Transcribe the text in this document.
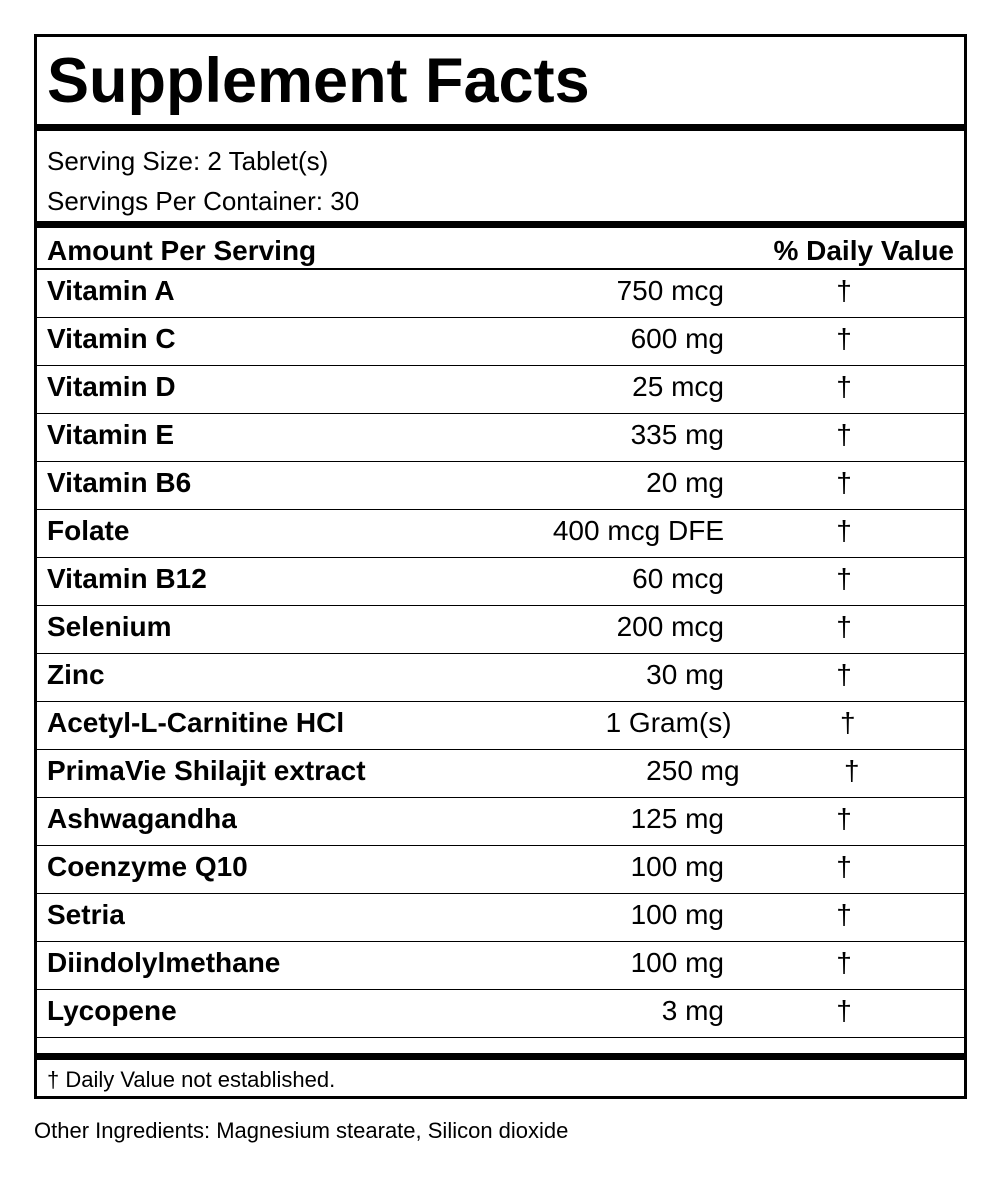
Supplement Facts
Serving Size: 2 Tablet(s)
Servings Per Container: 30
Amount Per Serving	% Daily Value
Vitamin A	750 mcg	†
Vitamin C	600 mg	†
Vitamin D	25 mcg	†
Vitamin E	335 mg	†
Vitamin B6	20 mg	†
Folate	400 mcg DFE	†
Vitamin B12	60 mcg	†
Selenium	200 mcg	†
Zinc	30 mg	†
Acetyl-L-Carnitine HCl	1 Gram(s)	†
PrimaVie Shilajit extract	250 mg	†
Ashwagandha	125 mg	†
Coenzyme Q10	100 mg	†
Setria	100 mg	†
Diindolylmethane	100 mg	†
Lycopene	3 mg	†
† Daily Value not established.
Other Ingredients: Magnesium stearate, Silicon dioxide
